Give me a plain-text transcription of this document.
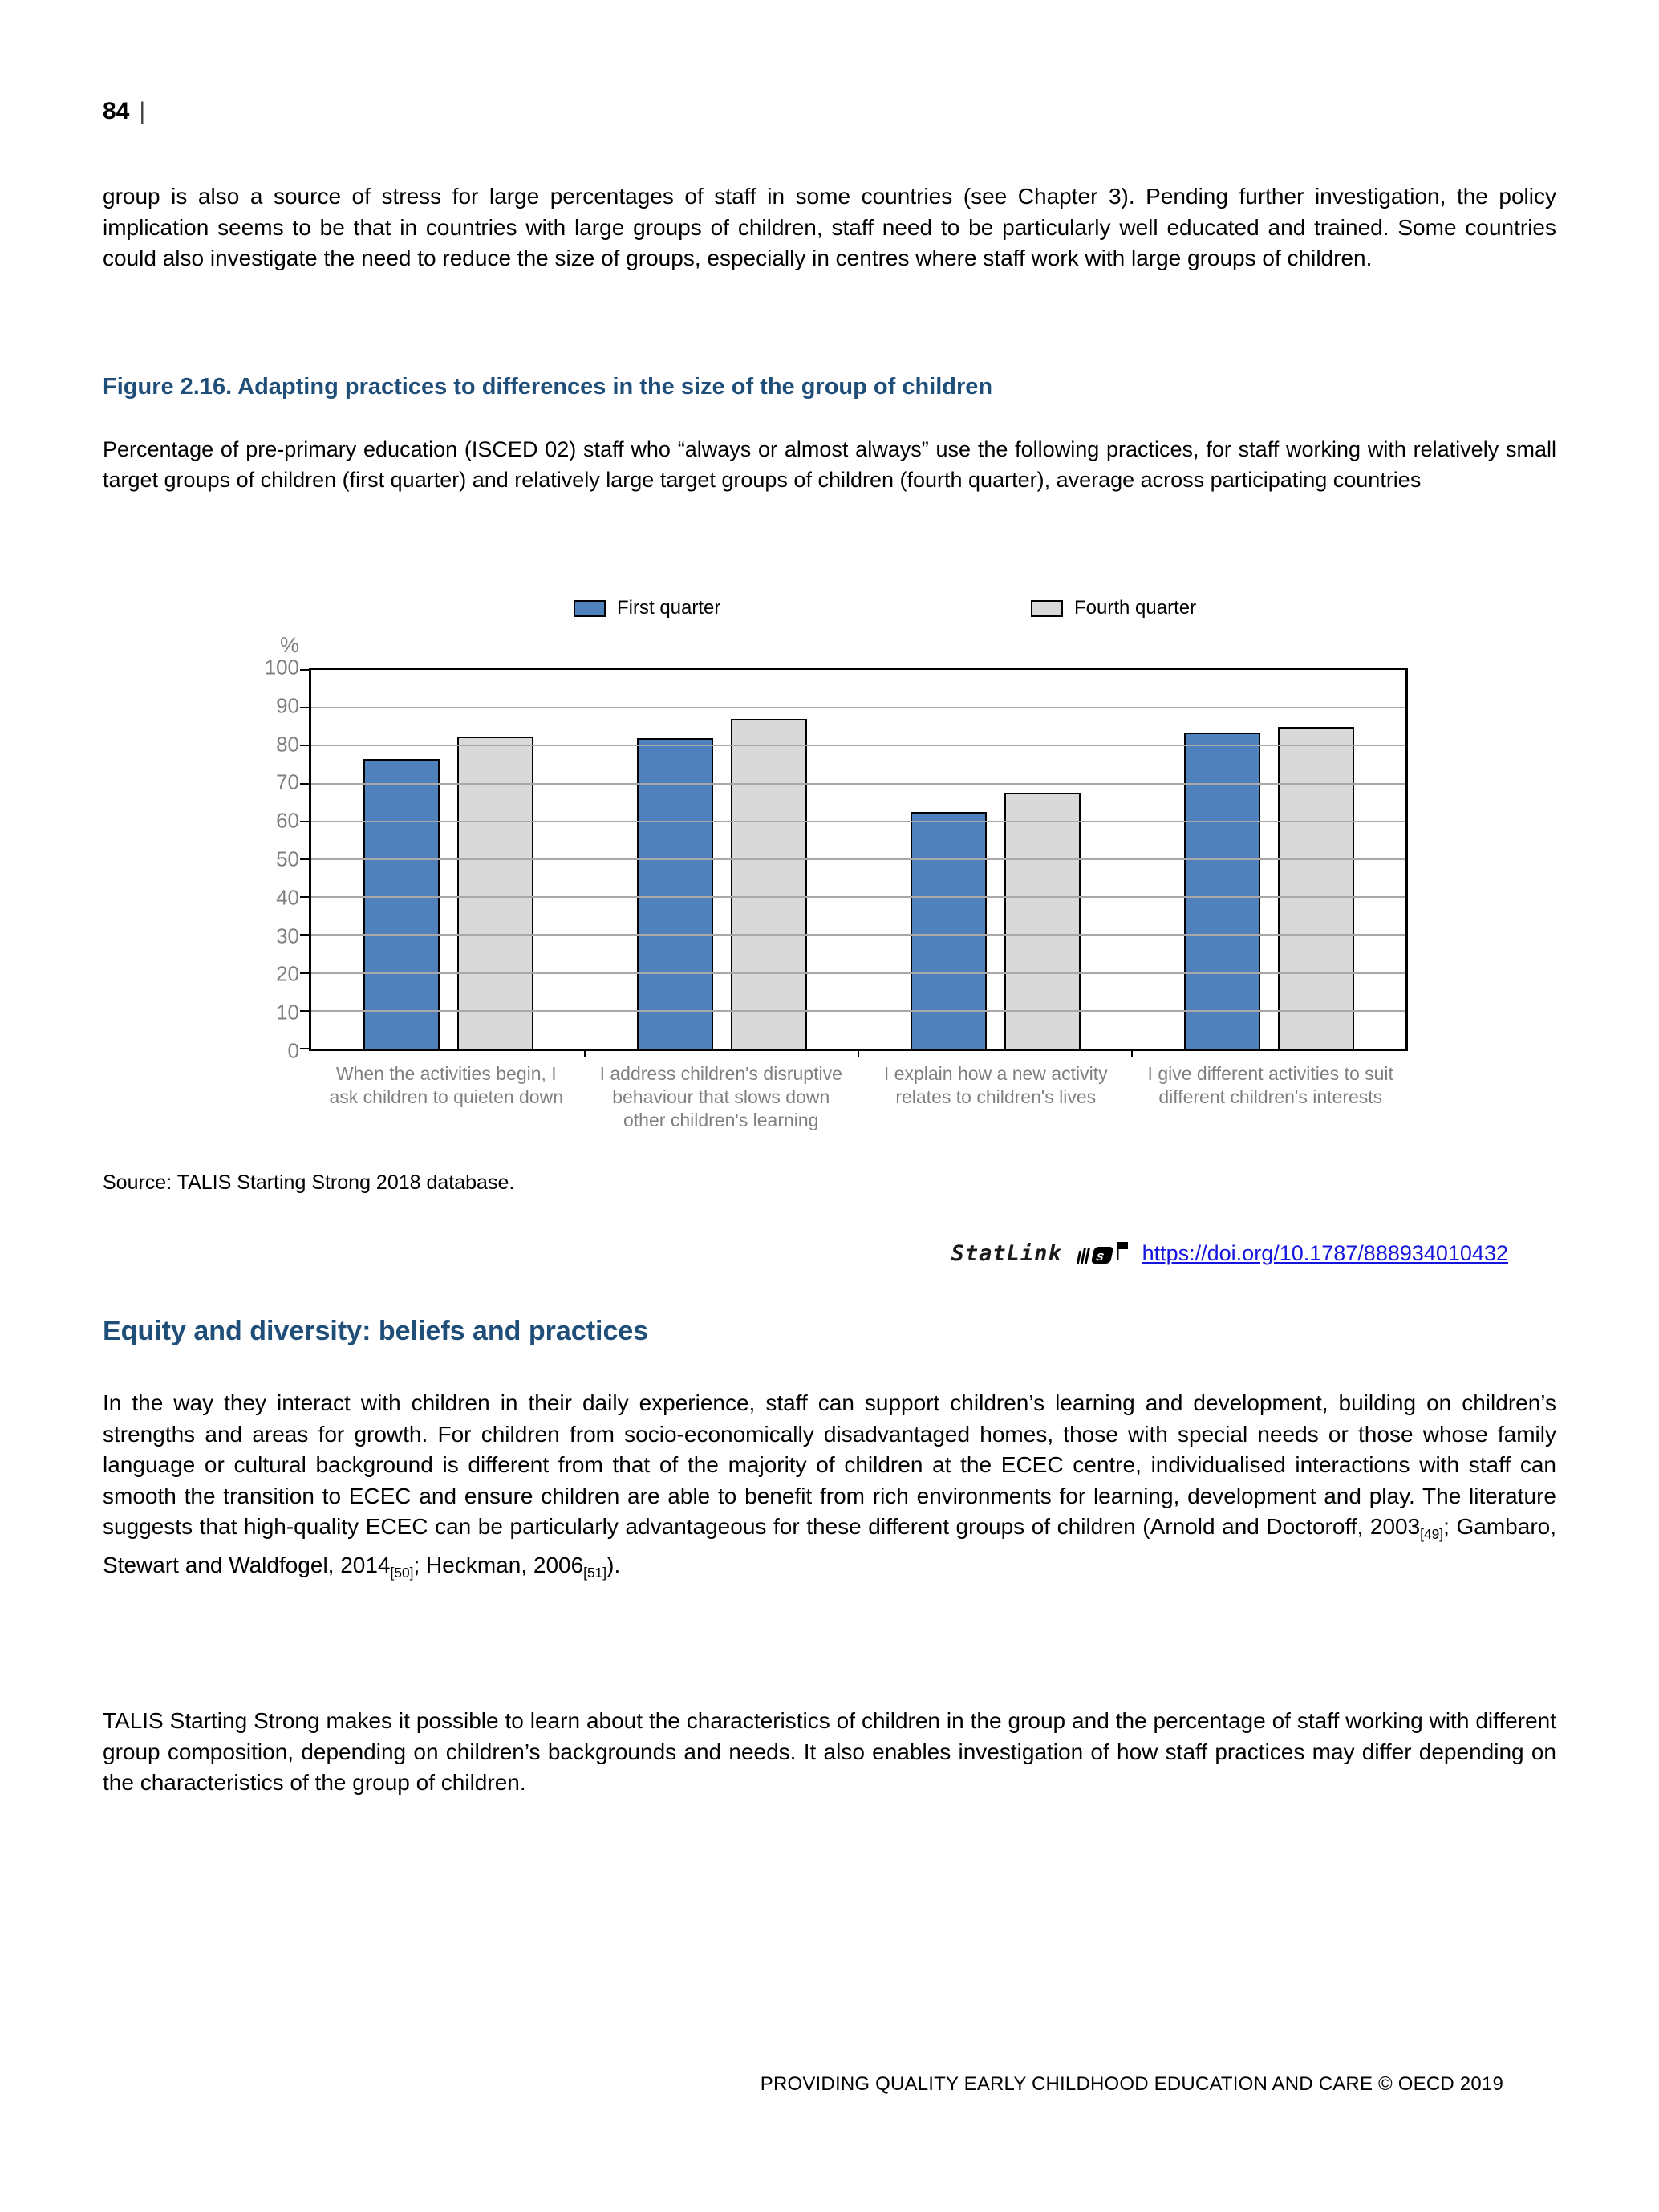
84 |
group is also a source of stress for large percentages of staff in some countries (see Chapter 3). Pending further investigation, the policy implication seems to be that in countries with large groups of children, staff need to be particularly well educated and trained. Some countries could also investigate the need to reduce the size of groups, especially in centres where staff work with large groups of children.
Figure 2.16. Adapting practices to differences in the size of the group of children
Percentage of pre-primary education (ISCED 02) staff who “always or almost always” use the following practices, for staff working with relatively small target groups of children (first quarter) and relatively large target groups of children (fourth quarter), average across participating countries
First quarter	Fourth quarter
%
0
10
20
30
40
50
60
70
80
90
100
When the activities begin, I ask children to quieten down
I address children's disruptive behaviour that slows down other children's learning
I explain how a new activity relates to children's lives
I give different activities to suit different children's interests
Source: TALIS Starting Strong 2018 database.
StatLink s https://doi.org/10.1787/888934010432
Equity and diversity: beliefs and practices
In the way they interact with children in their daily experience, staff can support children’s learning and development, building on children’s strengths and areas for growth. For children from socio-economically disadvantaged homes, those with special needs or those whose family language or cultural background is different from that of the majority of children at the ECEC centre, individualised interactions with staff can smooth the transition to ECEC and ensure children are able to benefit from rich environments for learning, development and play. The literature suggests that high-quality ECEC can be particularly advantageous for these different groups of children (Arnold and Doctoroff, $2003_{[49]}$; Gambaro, Stewart and Waldfogel, $2014_{[50]}$; Heckman, $2006_{[51]}$).
TALIS Starting Strong makes it possible to learn about the characteristics of children in the group and the percentage of staff working with different group composition, depending on children’s backgrounds and needs. It also enables investigation of how staff practices may differ depending on the characteristics of the group of children.
PROVIDING QUALITY EARLY CHILDHOOD EDUCATION AND CARE © OECD 2019
